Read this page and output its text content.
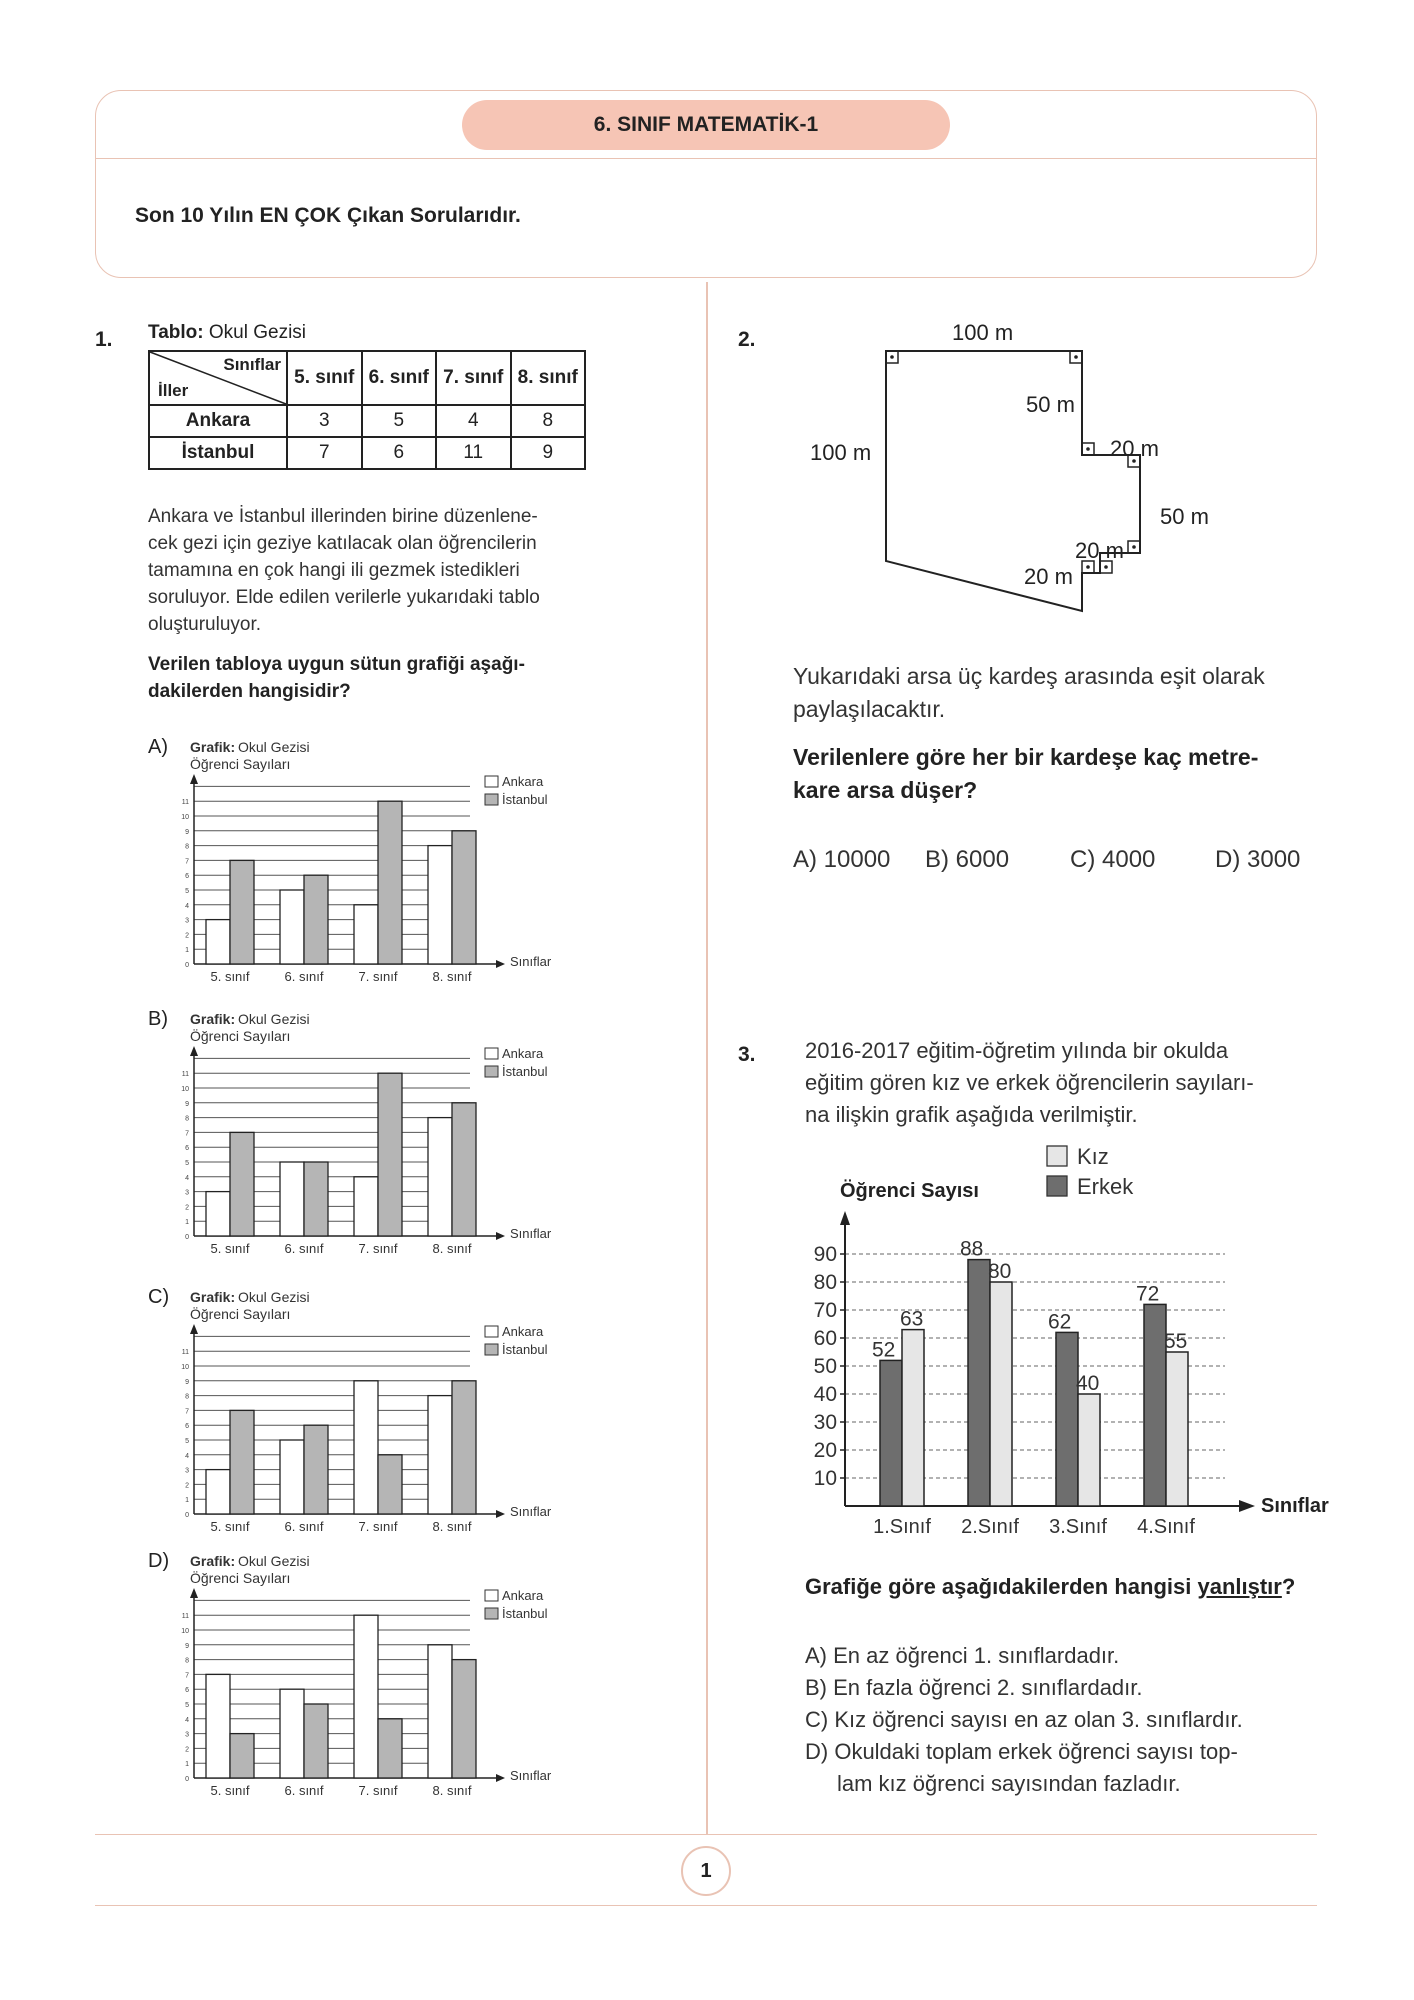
6. SINIF MATEMATİK-1
Son 10 Yılın EN ÇOK Çıkan Sorularıdır.
1. Tablo: Okul Gezisi
Sınıflar
İller	5. sınıf	6. sınıf	7. sınıf	8. sınıf
Ankara	3	5	4	8
İstanbul	7	6	11	9
Ankara ve İstanbul illerinden birine düzenlene-
cek gezi için geziye katılacak olan öğrencilerin
tamamına en çok hangi ili gezmek istedikleri
soruluyor. Elde edilen verilerle yukarıdaki tablo
oluşturuluyor.
Verilen tabloya uygun sütun grafiği aşağı-
dakilerden hangisidir?
A) Grafik: Okul Gezisi
Öğrenci Sayıları
1
2
3
4
5
6
7
8
9
10
11
0	Sınıflar
Ankara
İstanbul
5. sınıf	6. sınıf	7. sınıf	8. sınıf
B) Grafik: Okul Gezisi
Öğrenci Sayıları
1
2
3
4
5
6
7
8
9
10
11
0	Sınıflar
Ankara
İstanbul
5. sınıf	6. sınıf	7. sınıf	8. sınıf
C) Grafik: Okul Gezisi
Öğrenci Sayıları
1
2
3
4
5
6
7
8
9
10
11
0	Sınıflar
Ankara
İstanbul
5. sınıf	6. sınıf	7. sınıf	8. sınıf
D) Grafik: Okul Gezisi
Öğrenci Sayıları
1
2
3
4
5
6
7
8
9
10
11
0	Sınıflar
Ankara
İstanbul
5. sınıf	6. sınıf	7. sınıf	8. sınıf
2.	100 m
100 m
50 m
20 m
50 m
20 m
20 m
Yukarıdaki arsa üç kardeş arasında eşit olarak
paylaşılacaktır.
Verilenlere göre her bir kardeşe kaç metre-
kare arsa düşer?
A) 10000 B) 6000	C) 4000 D) 3000
3. 2016-2017 eğitim-öğretim yılında bir okulda
eğitim gören kız ve erkek öğrencilerin sayıları-
na ilişkin grafik aşağıda verilmiştir.
Kız
Erkek
Öğrenci Sayısı
10
20
30
40
50
60
70
80
90
Sınıflar
52
63
1.Sınıf
88
80
2.Sınıf
62
40
3.Sınıf
72
55
4.Sınıf
Grafiğe göre aşağıdakilerden hangisi yanlıştır?
A) En az öğrenci 1. sınıflardadır.
B) En fazla öğrenci 2. sınıflardadır.
C) Kız öğrenci sayısı en az olan 3. sınıflardır.
D) Okuldaki toplam erkek öğrenci sayısı top-
lam kız öğrenci sayısından fazladır.
1
